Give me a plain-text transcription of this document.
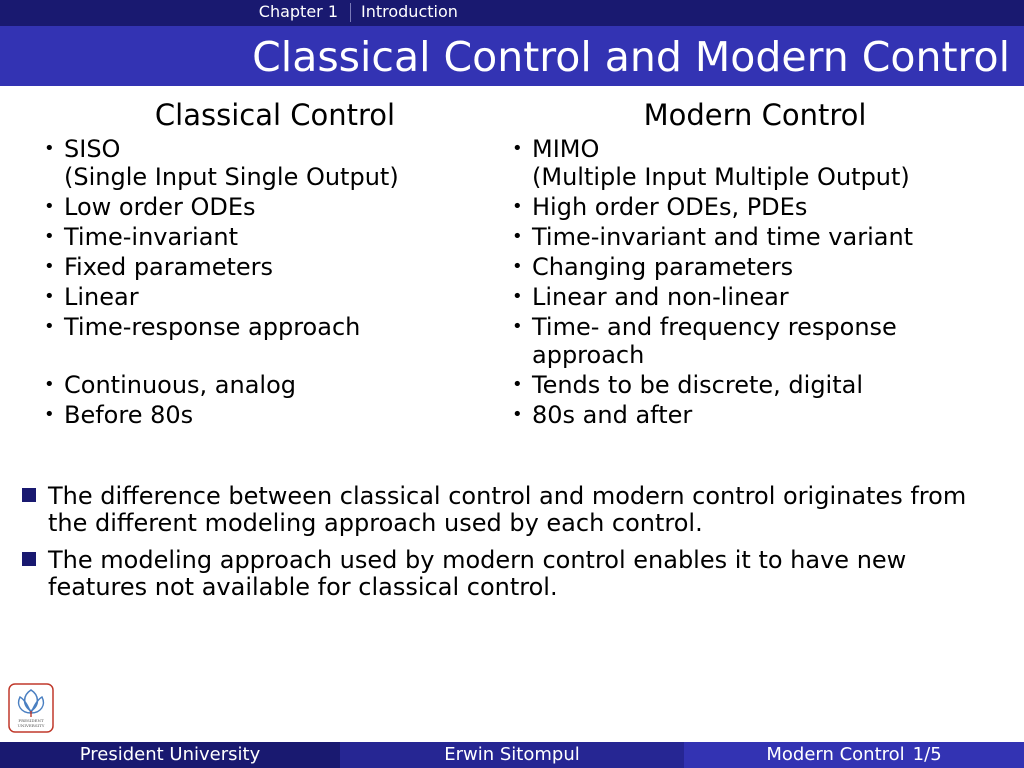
Chapter 1	Introduction
Classical Control and Modern Control
Classical Control
• SISO
(Single Input Single Output)
• Low order ODEs
• Time-invariant
• Fixed parameters
• Linear
• Time-response approach
• Continuous, analog
• Before 80s
Modern Control
• MIMO
(Multiple Input Multiple Output)
• High order ODEs, PDEs
• Time-invariant and time variant
• Changing parameters
• Linear and non-linear
• Time- and frequency response
approach
• Tends to be discrete, digital
• 80s and after
The difference between classical control and modern control originates from the different modeling approach used by each control.
The modeling approach used by modern control enables it to have new features not available for classical control.
PRESIDENT
UNIVERSITY
President University	Erwin Sitompul	Modern Control 1/5
